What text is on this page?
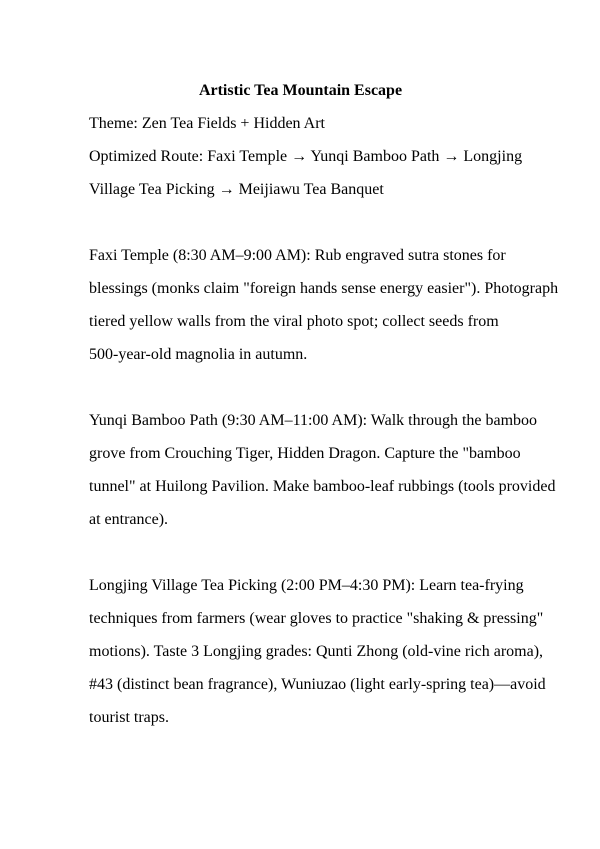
Artistic Tea Mountain Escape

Theme: Zen Tea Fields + Hidden Art

Optimized Route: Faxi Temple → Yunqi Bamboo Path → Longjing
Village Tea Picking → Meijiawu Tea Banquet

Faxi Temple (8:30 AM–9:00 AM): Rub engraved sutra stones for
blessings (monks claim "foreign hands sense energy easier"). Photograph
tiered yellow walls from the viral photo spot; collect seeds from
500-year-old magnolia in autumn.

Yunqi Bamboo Path (9:30 AM–11:00 AM): Walk through the bamboo
grove from Crouching Tiger, Hidden Dragon. Capture the "bamboo
tunnel" at Huilong Pavilion. Make bamboo-leaf rubbings (tools provided
at entrance).

Longjing Village Tea Picking (2:00 PM–4:30 PM): Learn tea-frying
techniques from farmers (wear gloves to practice "shaking & pressing"
motions). Taste 3 Longjing grades: Qunti Zhong (old-vine rich aroma),
#43 (distinct bean fragrance), Wuniuzao (light early-spring tea)—avoid
tourist traps.
